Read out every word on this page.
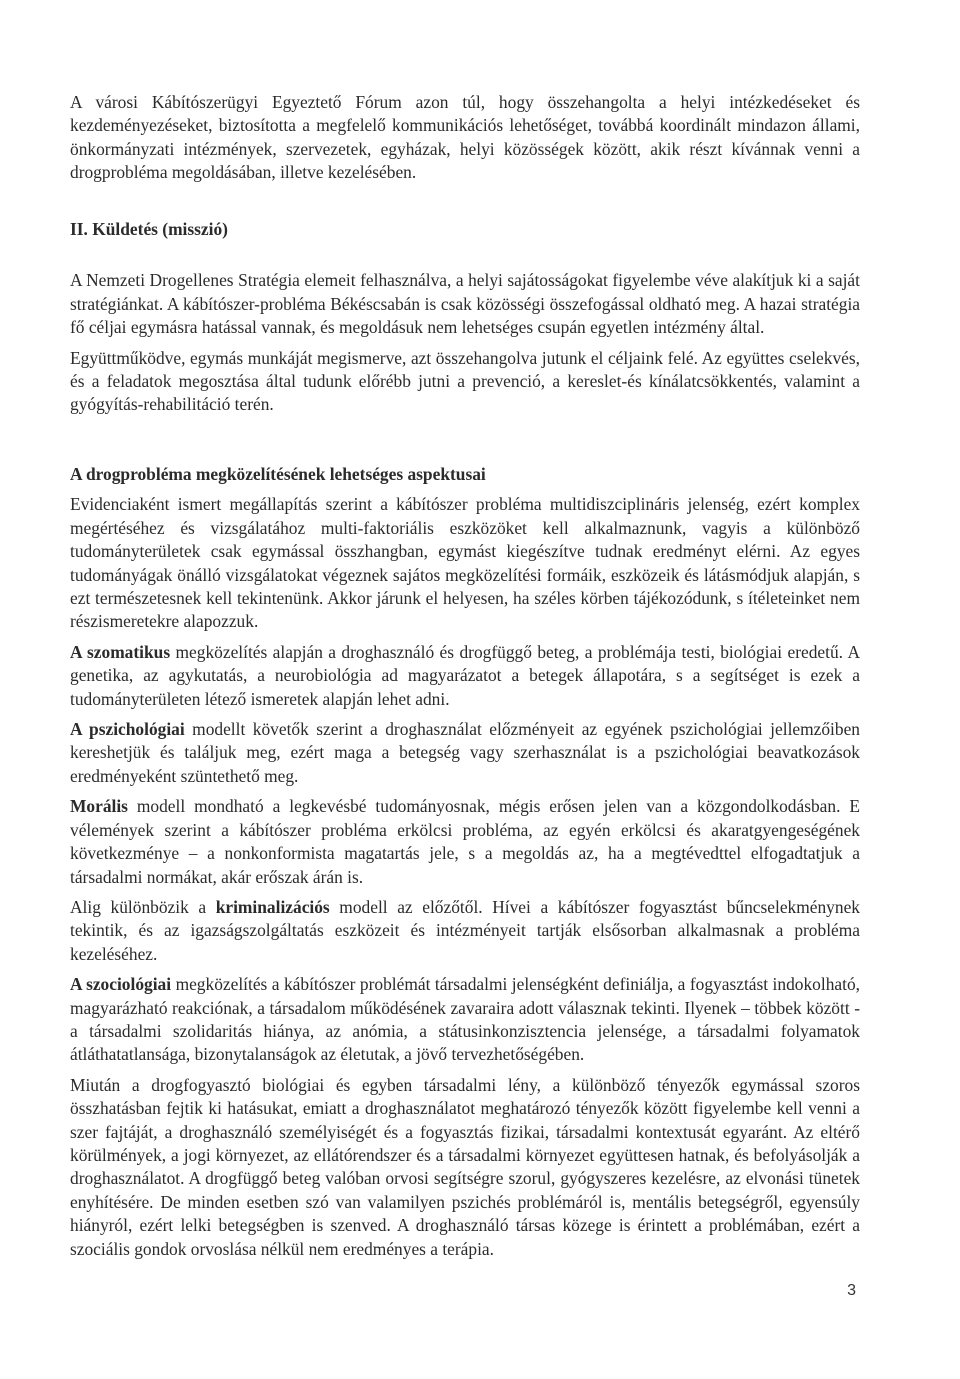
A városi Kábítószerügyi Egyeztető Fórum azon túl, hogy összehangolta a helyi intézkedéseket és kezdeményezéseket, biztosította a megfelelő kommunikációs lehetőséget, továbbá koordinált mindazon állami, önkormányzati intézmények, szervezetek, egyházak, helyi közösségek között, akik részt kívánnak venni a drogprobléma megoldásában, illetve kezelésében.

II. Küldetés (misszió)

A Nemzeti Drogellenes Stratégia elemeit felhasználva, a helyi sajátosságokat figyelembe véve alakítjuk ki a saját stratégiánkat. A kábítószer-probléma Békéscsabán is csak közösségi összefogással oldható meg. A hazai stratégia fő céljai egymásra hatással vannak, és megoldásuk nem lehetséges csupán egyetlen intézmény által.

Együttműködve, egymás munkáját megismerve, azt összehangolva jutunk el céljaink felé. Az együttes cselekvés, és a feladatok megosztása által tudunk előrébb jutni a prevenció, a kereslet-és kínálatcsökkentés, valamint a gyógyítás-rehabilitáció terén.

A drogprobléma megközelítésének lehetséges aspektusai

Evidenciaként ismert megállapítás szerint a kábítószer probléma multidiszciplináris jelenség, ezért komplex megértéséhez és vizsgálatához multi-faktoriális eszközöket kell alkalmaznunk, vagyis a különböző tudományterületek csak egymással összhangban, egymást kiegészítve tudnak eredményt elérni. Az egyes tudományágak önálló vizsgálatokat végeznek sajátos megközelítési formáik, eszközeik és látásmódjuk alapján, s ezt természetesnek kell tekintenünk. Akkor járunk el helyesen, ha széles körben tájékozódunk, s ítéleteinket nem részismeretekre alapozzuk.

A szomatikus megközelítés alapján a droghasználó és drogfüggő beteg, a problémája testi, biológiai eredetű. A genetika, az agykutatás, a neurobiológia ad magyarázatot a betegek állapotára, s a segítséget is ezek a tudományterületen létező ismeretek alapján lehet adni.

A pszichológiai modellt követők szerint a droghasználat előzményeit az egyének pszichológiai jellemzőiben kereshetjük és találjuk meg, ezért maga a betegség vagy szerhasználat is a pszichológiai beavatkozások eredményeként szüntethető meg.

Morális modell mondható a legkevésbé tudományosnak, mégis erősen jelen van a közgondolkodásban. E vélemények szerint a kábítószer probléma erkölcsi probléma, az egyén erkölcsi és akaratgyengeségének következménye – a nonkonformista magatartás jele, s a megoldás az, ha a megtévedttel elfogadtatjuk a társadalmi normákat, akár erőszak árán is.

Alig különbözik a kriminalizációs modell az előzőtől. Hívei a kábítószer fogyasztást bűncselekménynek tekintik, és az igazságszolgáltatás eszközeit és intézményeit tartják elsősorban alkalmasnak a probléma kezeléséhez.

A szociológiai megközelítés a kábítószer problémát társadalmi jelenségként definiálja, a fogyasztást indokolható, magyarázható reakciónak, a társadalom működésének zavaraira adott válasznak tekinti. Ilyenek – többek között - a társadalmi szolidaritás hiánya, az anómia, a státusinkonzisztencia jelensége, a társadalmi folyamatok átláthatatlansága, bizonytalanságok az életutak, a jövő tervezhetőségében.

Miután a drogfogyasztó biológiai és egyben társadalmi lény, a különböző tényezők egymással szoros összhatásban fejtik ki hatásukat, emiatt a droghasználatot meghatározó tényezők között figyelembe kell venni a szer fajtáját, a droghasználó személyiségét és a fogyasztás fizikai, társadalmi kontextusát egyaránt. Az eltérő körülmények, a jogi környezet, az ellátórendszer és a társadalmi környezet együttesen hatnak, és befolyásolják a droghasználatot. A drogfüggő beteg valóban orvosi segítségre szorul, gyógyszeres kezelésre, az elvonási tünetek enyhítésére. De minden esetben szó van valamilyen pszichés problémáról is, mentális betegségről, egyensúly hiányról, ezért lelki betegségben is szenved. A droghasználó társas közege is érintett a problémában, ezért a szociális gondok orvoslása nélkül nem eredményes a terápia.

3
